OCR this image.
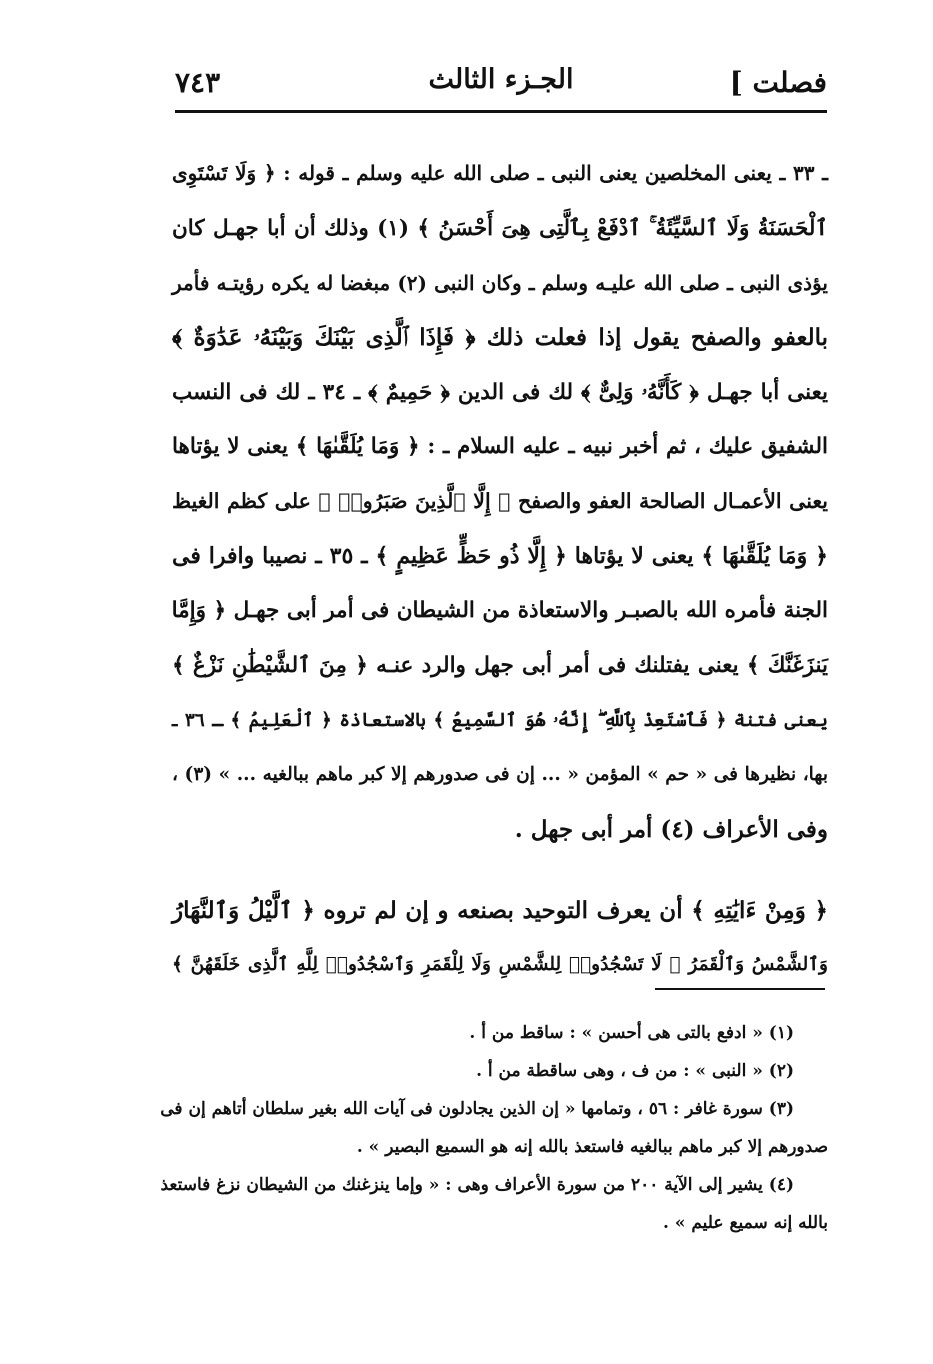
فصلت ]
الجـزء الثالث
٧٤٣
ـ ٣٣ ـ يعنى المخلصين يعنى النبى ـ صلى الله عليه وسلم ـ قوله : ﴿ وَلَا تَسْتَوِى
ٱلْحَسَنَةُ وَلَا ٱلسَّيِّئَةُ ۚ ٱدْفَعْ بِٱلَّتِى هِىَ أَحْسَنُ ﴾ (١) وذلك أن أبا جهـل كان
يؤذى النبى ـ صلى الله عليـه وسلم ـ وكان النبى (٢) مبغضا له يكره رؤيتـه فأمر
بالعفو والصفح يقول إذا فعلت ذلك ﴿ فَإِذَا ٱلَّذِى بَيْنَكَ وَبَيْنَهُۥ عَدَٰوَةٌ ﴾
يعنى أبا جهـل ﴿ كَأَنَّهُۥ وَلِىٌّ ﴾ لك فى الدين ﴿ حَمِيمٌ ﴾ ـ ٣٤ ـ لك فى النسب
الشفيق عليك ، ثم أخبر نبيه ـ عليه السلام ـ : ﴿ وَمَا يُلَقَّىٰهَا ﴾ يعنى لا يؤتاها
يعنى الأعمـال الصالحة العفو والصفح ﴿ إِلَّا ٱلَّذِينَ صَبَرُوا۟ ﴾ على كظم الغيظ
﴿ وَمَا يُلَقَّىٰهَا ﴾ يعنى لا يؤتاها ﴿ إِلَّا ذُو حَظٍّ عَظِيمٍ ﴾ ـ ٣٥ ـ نصيبا وافرا فى
الجنة فأمره الله بالصبـر والاستعاذة من الشيطان فى أمر أبى جهـل ﴿ وَإِمَّا
يَنزَغَنَّكَ ﴾ يعنى يفتلنك فى أمر أبى جهل والرد عنـه ﴿ مِنَ ٱلشَّيْطَٰنِ نَزْغٌ ﴾
يعنى فتنة ﴿ فَٱسْتَعِذْ بِٱللَّهِ ۖ إِنَّهُۥ هُوَ ٱلسَّمِيعُ ﴾ بالاستعاذة ﴿ ٱلْعَلِيمُ ﴾ ـ ٣٦ ـ
بها، نظيرها فى « حم » المؤمن « ... إن فى صدورهم إلا كبر ماهم ببالغيه ... » (٣) ،
وفى الأعراف (٤) أمر أبى جهل .
﴿ وَمِنْ ءَايَٰتِهِ ﴾ أن يعرف التوحيد بصنعه و إن لم تروه ﴿ ٱلَّيْلُ وَٱلنَّهَارُ
وَٱلشَّمْسُ وَٱلْقَمَرُ ۚ لَا تَسْجُدُوا۟ لِلشَّمْسِ وَلَا لِلْقَمَرِ وَٱسْجُدُوا۟ لِلَّهِ ٱلَّذِى خَلَقَهُنَّ ﴾
(١) « ادفع بالتى هى أحسن » : ساقط من أ .
(٢) « النبى » : من ف ، وهى ساقطة من أ .
(٣) سورة غافر : ٥٦ ، وتمامها « إن الذين يجادلون فى آيات الله بغير سلطان أتاهم إن فى
صدورهم إلا كبر ماهم ببالغيه فاستعذ بالله إنه هو السميع البصير » .
(٤) يشير إلى الآية ٢٠٠ من سورة الأعراف وهى : « وإما ينزغنك من الشيطان نزغ فاستعذ
بالله إنه سميع عليم » .
